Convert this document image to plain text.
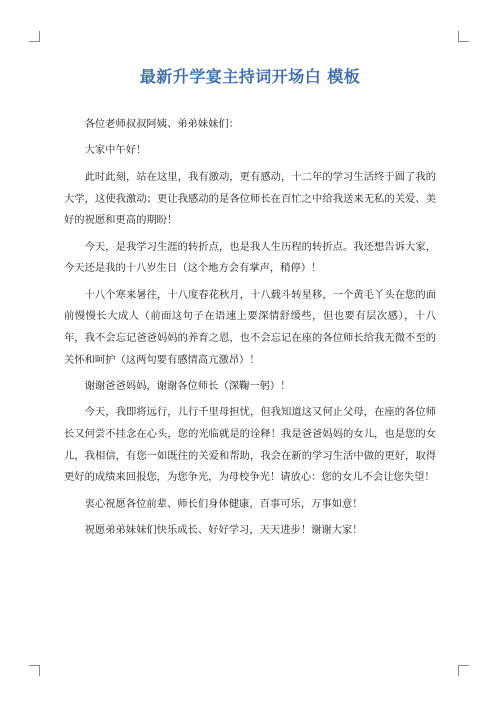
最新升学宴主持词开场白 模板

各位老师叔叔阿姨、弟弟妹妹们：

大家中午好！

此时此刻，站在这里，我有激动，更有感动，十二年的学习生活终于圆了我的大学，这使我激动；更让我感动的是各位师长在百忙之中给我送来无私的关爱、美好的祝愿和更高的期盼！

今天，是我学习生涯的转折点，也是我人生历程的转折点。我还想告诉大家，今天还是我的十八岁生日（这个地方会有掌声，稍停）！

十八个寒来暑往，十八度春花秋月，十八载斗转星移，一个黄毛丫头在您的面前慢慢长大成人（前面这句子在语速上要深情舒缓些，但也要有层次感），十八年，我不会忘记爸爸妈妈的养育之恩，也不会忘记在座的各位师长给我无微不至的关怀和呵护（这两句要有感情高亢激昂）！

谢谢爸爸妈妈，谢谢各位师长（深鞠一躬）！

今天，我即将远行，儿行千里母担忧，但我知道这又何止父母，在座的各位师长又何尝不挂念在心头，您的光临就是的诠释！我是爸爸妈妈的女儿，也是您的女儿，我相信，有您一如既往的关爱和帮助，我会在新的学习生活中做的更好，取得更好的成绩来回报您，为您争光，为母校争光！请放心：您的女儿不会让您失望！

衷心祝愿各位前辈、师长们身体健康，百事可乐，万事如意！

祝愿弟弟妹妹们快乐成长、好好学习，天天进步！谢谢大家！
